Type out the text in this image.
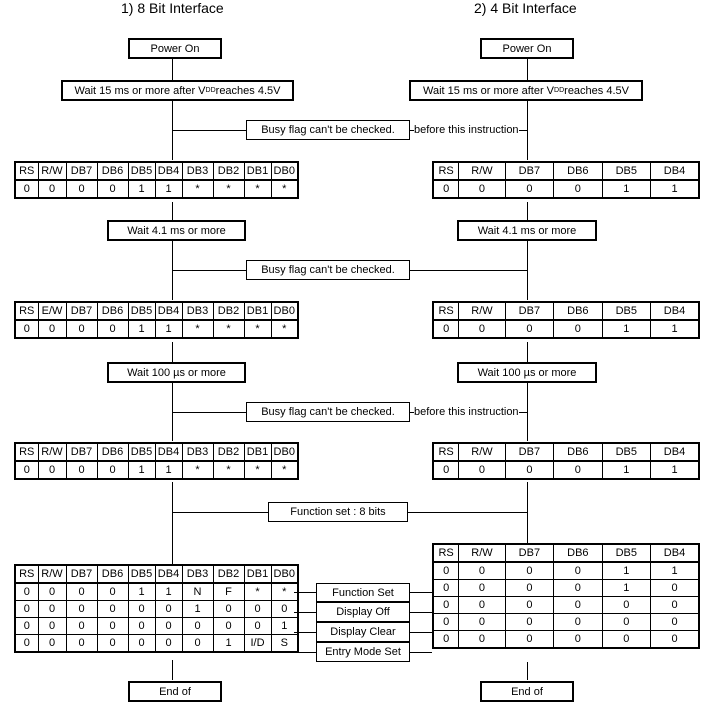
1) 8 Bit Interface	2) 4 Bit Interface
Power On
Wait 15 ms or more after V DD reaches 4.5V
Busy flag can't be checked. before this instruction
RS	R/W	DB7	DB6	DB5	DB4	DB3	DB2	DB1	DB0
0	0	0	0	1	1	*	*	*	*
Wait 4.1 ms or more
Busy flag can't be checked.
RS	E/W	DB7	DB6	DB5	DB4	DB3	DB2	DB1	DB0
0	0	0	0	1	1	*	*	*	*
Wait 100 µs or more
Busy flag can't be checked. before this instruction
RS	R/W	DB7	DB6	DB5	DB4	DB3	DB2	DB1	DB0
0	0	0	0	1	1	*	*	*	*
Function set : 8 bits
RS	R/W	DB7	DB6	DB5	DB4	DB3	DB2	DB1	DB0
0	0	0	0	1	1	N	F	*	*
0	0	0	0	0	0	1	0	0	0
0	0	0	0	0	0	0	0	0	1
0	0	0	0	0	0	0	1	I/D	S
End of
Function Set
Display Off
Display Clear
Entry Mode Set
Power On
Wait 15 ms or more after V DD reaches 4.5V
RS	R/W	DB7	DB6	DB5	DB4
0	0	0	0	1	1
Wait 4.1 ms or more
RS	R/W	DB7	DB6	DB5	DB4
0	0	0	0	1	1
Wait 100 µs or more
RS	R/W	DB7	DB6	DB5	DB4
0	0	0	0	1	1
RS	R/W	DB7	DB6	DB5	DB4
0	0	0	0	1	1
0	0	0	0	1	0
0	0	0	0	0	0
0	0	0	0	0	0
0	0	0	0	0	0
End of
